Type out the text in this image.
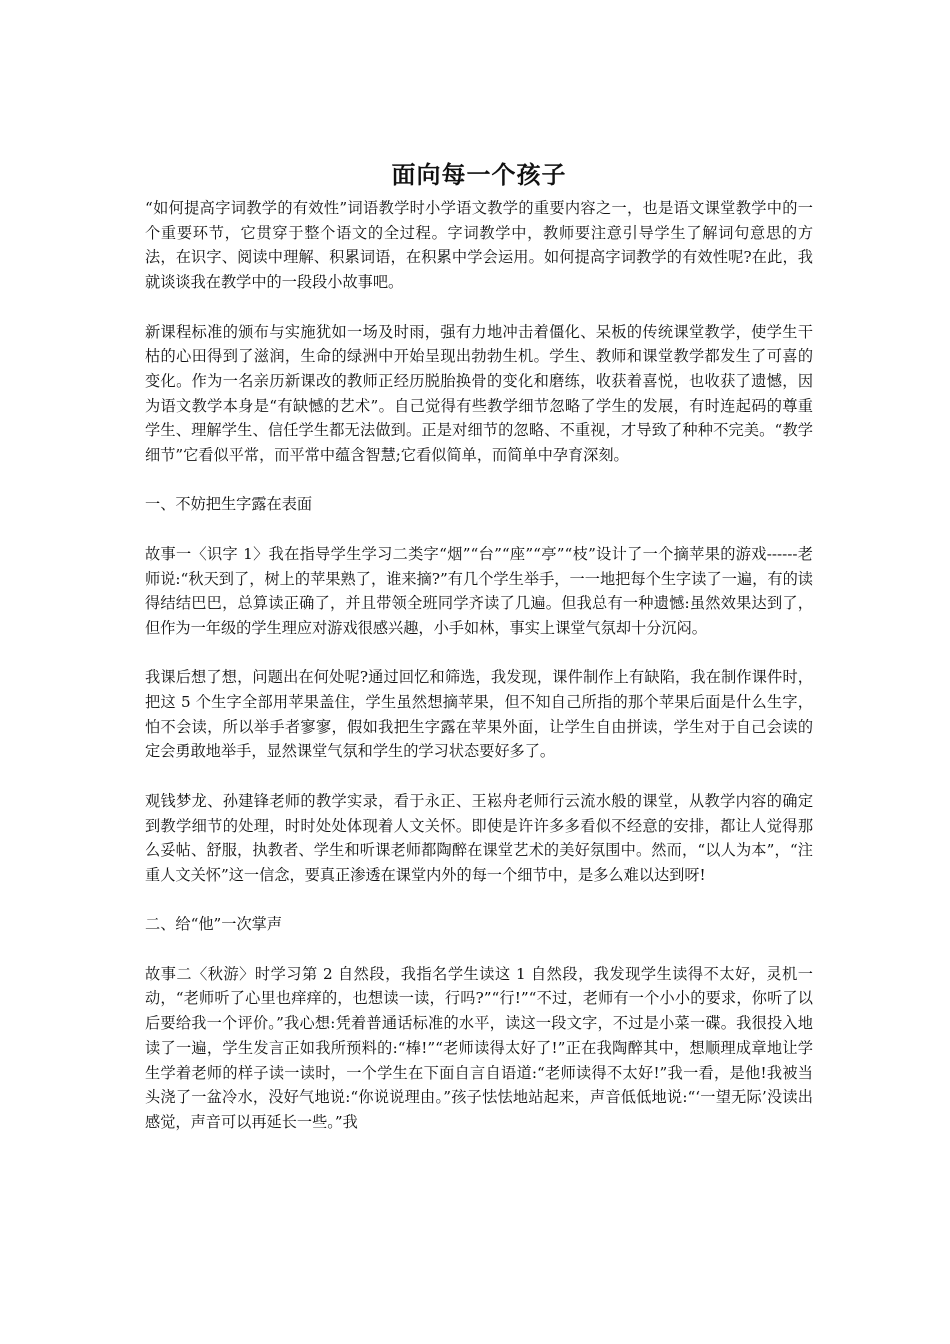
面向每一个孩子

“如何提高字词教学的有效性”词语教学时小学语文教学的重要内容之一，也是语文课堂教学中的一个重要环节，它贯穿于整个语文的全过程。字词教学中，教师要注意引导学生了解词句意思的方法，在识字、阅读中理解、积累词语，在积累中学会运用。如何提高字词教学的有效性呢?在此，我就谈谈我在教学中的一段段小故事吧。

新课程标准的颁布与实施犹如一场及时雨，强有力地冲击着僵化、呆板的传统课堂教学，使学生干枯的心田得到了滋润，生命的绿洲中开始呈现出勃勃生机。学生、教师和课堂教学都发生了可喜的变化。作为一名亲历新课改的教师正经历脱胎换骨的变化和磨练，收获着喜悦，也收获了遗憾，因为语文教学本身是“有缺憾的艺术”。自己觉得有些教学细节忽略了学生的发展，有时连起码的尊重学生、理解学生、信任学生都无法做到。正是对细节的忽略、不重视，才导致了种种不完美。“教学细节”它看似平常，而平常中蕴含智慧;它看似简单，而简单中孕育深刻。

一、不妨把生字露在表面

故事一〈识字 1〉我在指导学生学习二类字“烟”“台”“座”“亭”“枝”设计了一个摘苹果的游戏------老师说:“秋天到了，树上的苹果熟了，谁来摘?”有几个学生举手，一一地把每个生字读了一遍，有的读得结结巴巴，总算读正确了，并且带领全班同学齐读了几遍。但我总有一种遗憾:虽然效果达到了，但作为一年级的学生理应对游戏很感兴趣，小手如林，事实上课堂气氛却十分沉闷。

我课后想了想，问题出在何处呢?通过回忆和筛选，我发现，课件制作上有缺陷，我在制作课件时，把这 5 个生字全部用苹果盖住，学生虽然想摘苹果，但不知自己所指的那个苹果后面是什么生字，怕不会读，所以举手者寥寥，假如我把生字露在苹果外面，让学生自由拼读，学生对于自己会读的定会勇敢地举手，显然课堂气氛和学生的学习状态要好多了。

观钱梦龙、孙建锋老师的教学实录，看于永正、王崧舟老师行云流水般的课堂，从教学内容的确定到教学细节的处理，时时处处体现着人文关怀。即使是许许多多看似不经意的安排，都让人觉得那么妥帖、舒服，执教者、学生和听课老师都陶醉在课堂艺术的美好氛围中。然而，“以人为本”，“注重人文关怀”这一信念，要真正渗透在课堂内外的每一个细节中，是多么难以达到呀!

二、给“他”一次掌声

故事二〈秋游〉时学习第 2 自然段，我指名学生读这 1 自然段，我发现学生读得不太好，灵机一动，“老师听了心里也痒痒的，也想读一读，行吗?”“行!”“不过，老师有一个小小的要求，你听了以后要给我一个评价。”我心想:凭着普通话标准的水平，读这一段文字，不过是小菜一碟。我很投入地读了一遍，学生发言正如我所预料的:“棒!”“老师读得太好了!”正在我陶醉其中，想顺理成章地让学生学着老师的样子读一读时，一个学生在下面自言自语道:“老师读得不太好!”我一看，是他!我被当头浇了一盆冷水，没好气地说:“你说说理由。”孩子怯怯地站起来，声音低低地说:“‘一望无际’没读出感觉，声音可以再延长一些。”我
